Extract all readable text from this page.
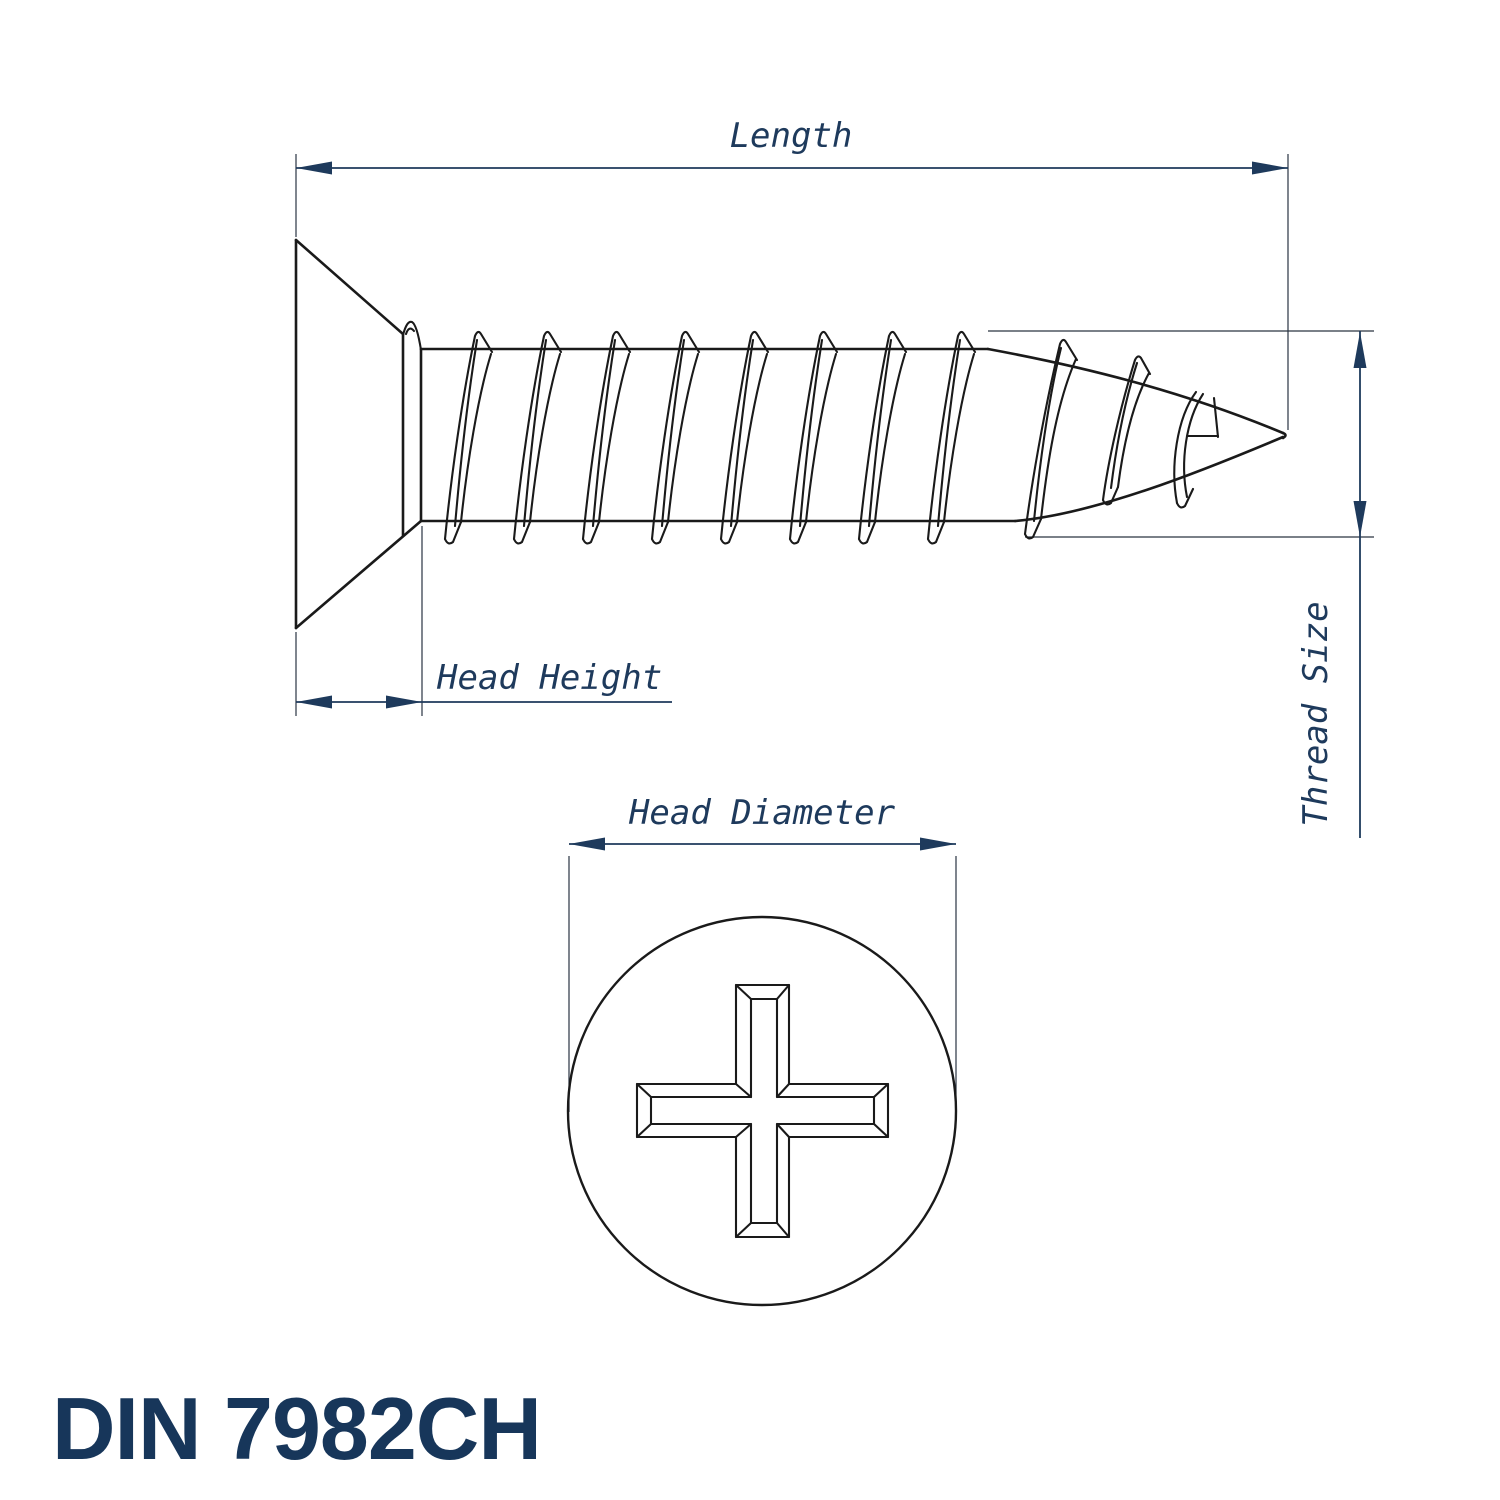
Length
Head Height	Thread Size
Head Diameter
DIN 7982CH
